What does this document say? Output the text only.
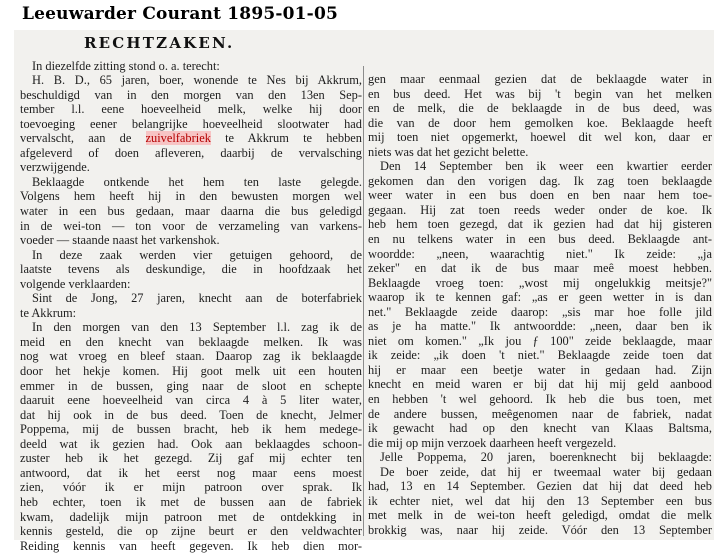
Leeuwarder Courant 1895-01-05
RECHTZAKEN.
In diezelfde zitting stond o. a. terecht:
H. B. D., 65 jaren, boer, wonende te Nes bij Akkrum,
beschuldigd van in den morgen van den 13en Sep-
tember l.l. eene hoeveelheid melk, welke hij door
toevoeging eener belangrijke hoeveelheid slootwater had
vervalscht, aan de zuivelfabriek te Akkrum te hebben
afgeleverd of doen afleveren, daarbij de vervalsching
verzwijgende.
Beklaagde ontkende het hem ten laste gelegde.
Volgens hem heeft hij in den bewusten morgen wel
water in een bus gedaan, maar daarna die bus geledigd
in de wei-ton — ton voor de verzameling van varkens-
voeder — staande naast het varkenshok.
In deze zaak werden vier getuigen gehoord, de
laatste tevens als deskundige, die in hoofdzaak het
volgende verklaarden:
Sint de Jong, 27 jaren, knecht aan de boterfabriek
te Akkrum:
In den morgen van den 13 September l.l. zag ik de
meid en den knecht van beklaagde melken. Ik was
nog wat vroeg en bleef staan. Daarop zag ik beklaagde
door het hekje komen. Hij goot melk uit een houten
emmer in de bussen, ging naar de sloot en schepte
daaruit eene hoeveelheid van circa 4 à 5 liter water,
dat hij ook in de bus deed. Toen de knecht, Jelmer
Poppema, mij de bussen bracht, heb ik hem medege-
deeld wat ik gezien had. Ook aan beklaagdes schoon-
zuster heb ik het gezegd. Zij gaf mij echter ten
antwoord, dat ik het eerst nog maar eens moest
zien, vóór ik er mijn patroon over sprak. Ik
heb echter, toen ik met de bussen aan de fabriek
kwam, dadelijk mijn patroon met de ontdekking in
kennis gesteld, die op zijne beurt er den veldwachter
Reiding kennis van heeft gegeven. Ik heb dien mor-
gen maar eenmaal gezien dat de beklaagde water in
en bus deed. Het was bij 't begin van het melken
en de melk, die de beklaagde in de bus deed, was
die van de door hem gemolken koe. Beklaagde heeft
mij toen niet opgemerkt, hoewel dit wel kon, daar er
niets was dat het gezicht belette.
Den 14 September ben ik weer een kwartier eerder
gekomen dan den vorigen dag. Ik zag toen beklaagde
weer water in een bus doen en ben naar hem toe-
gegaan. Hij zat toen reeds weder onder de koe. Ik
heb hem toen gezegd, dat ik gezien had dat hij gisteren
en nu telkens water in een bus deed. Beklaagde ant-
woordde: „neen, waarachtig niet." Ik zeide: „ja
zeker" en dat ik de bus maar meê moest hebben.
Beklaagde vroeg toen: „wost mij ongelukkig meitsje?"
waarop ik te kennen gaf: „as er geen wetter in is dan
net." Beklaagde zeide daarop: „sis mar hoe folle jild
as je ha matte." Ik antwoordde: „neen, daar ben ik
niet om komen." „Ik jou ƒ 100" zeide beklaagde, maar
ik zeide: „ik doen 't niet." Beklaagde zeide toen dat
hij er maar een beetje water in gedaan had. Zijn
knecht en meid waren er bij dat hij mij geld aanbood
en hebben 't wel gehoord. Ik heb die bus toen, met
de andere bussen, meêgenomen naar de fabriek, nadat
ik gewacht had op den knecht van Klaas Baltsma,
die mij op mijn verzoek daarheen heeft vergezeld.
Jelle Poppema, 20 jaren, boerenknecht bij beklaagde:
De boer zeide, dat hij er tweemaal water bij gedaan
had, 13 en 14 September. Gezien dat hij dat deed heb
ik echter niet, wel dat hij den 13 September een bus
met melk in de wei-ton heeft geledigd, omdat die melk
brokkig was, naar hij zeide. Vóór den 13 September
